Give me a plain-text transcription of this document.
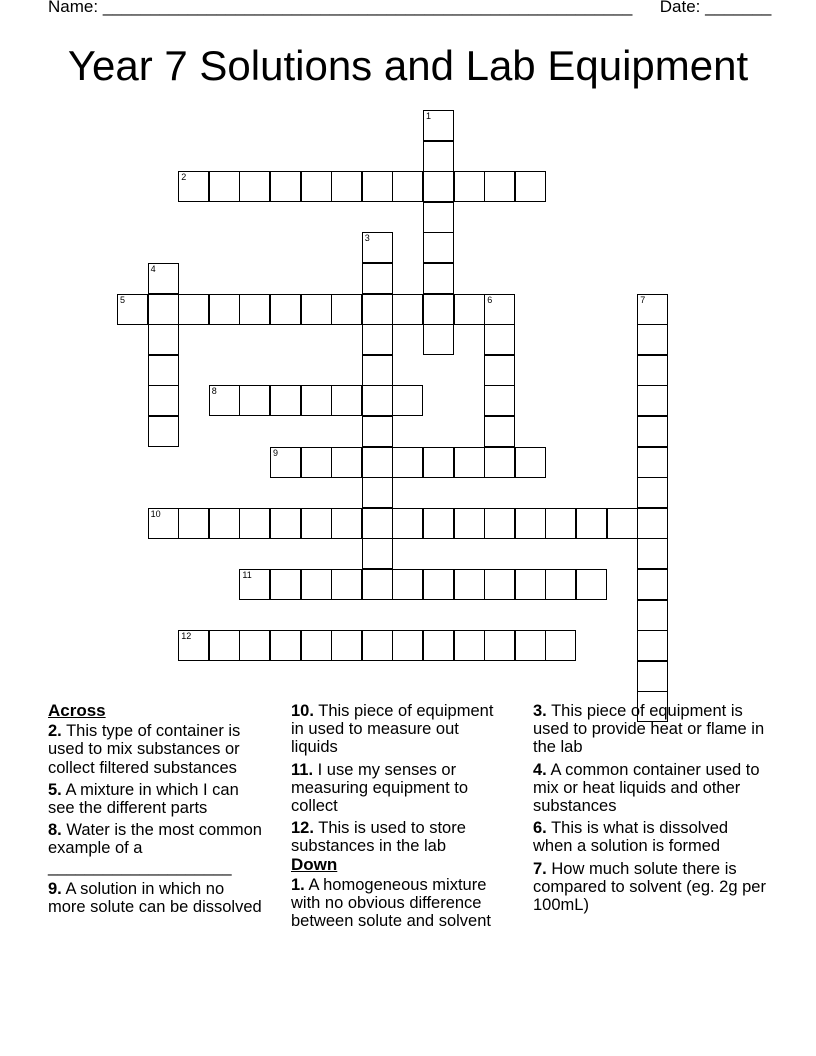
Name: ________________________________________________________ Date: _______
Year 7 Solutions and Lab Equipment
1
2
3
4
5	6	7
8
9
10
11
12
Across
2. This type of container is used to mix substances or collect filtered substances
5. A mixture in which I can see the different parts
8. Water is the most common example of a ____________________
9. A solution in which no more solute can be dissolved
10. This piece of equipment in used to measure out liquids
11. I use my senses or measuring equipment to collect
12. This is used to store substances in the lab
Down
1. A homogeneous mixture with no obvious difference between solute and solvent
3. This piece of equipment is used to provide heat or flame in the lab
4. A common container used to mix or heat liquids and other substances
6. This is what is dissolved when a solution is formed
7. How much solute there is compared to solvent (eg. 2g per 100mL)
